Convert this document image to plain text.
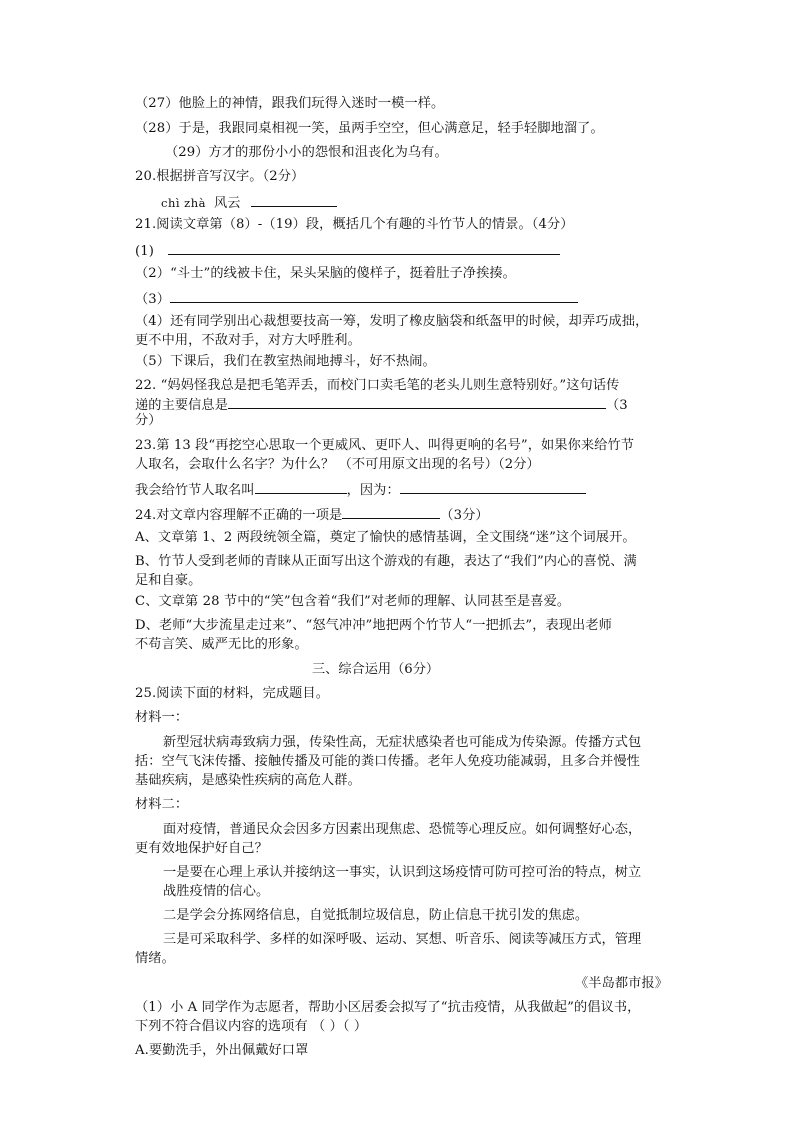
（27）他脸上的神情，跟我们玩得入迷时一模一样。
（28）于是，我跟同桌相视一笑，虽两手空空，但心满意足，轻手轻脚地溜了。
（29）方才的那份小小的怨恨和沮丧化为乌有。
20.根据拼音写汉字。（2分）
chì zhà 风云
21.阅读文章第（8）-（19）段，概括几个有趣的斗竹节人的情景。（4分）
(1)
（2）“斗士”的线被卡住，呆头呆脑的傻样子，挺着肚子净挨揍。
（3）
（4）还有同学别出心裁想要技高一筹，发明了橡皮脑袋和纸盔甲的时候，却弄巧成拙，
更不中用，不敌对手，对方大呼胜利。
（5）下课后，我们在教室热闹地搏斗，好不热闹。
22. “妈妈怪我总是把毛笔弄丢，而校门口卖毛笔的老头儿则生意特别好。”这句话传
递的主要信息是	（3
分）
23.第 13 段“再挖空心思取一个更威风、更吓人、叫得更响的名号”，如果你来给竹节
人取名，会取什么名字？为什么？ （不可用原文出现的名号）（2分）
我会给竹节人取名叫	，因为：
24.对文章内容理解不正确的一项是	（3分）
A、文章第 1、2 两段统领全篇，奠定了愉快的感情基调，全文围绕“迷”这个词展开。
B、竹节人受到老师的青睐从正面写出这个游戏的有趣，表达了“我们”内心的喜悦、满
足和自豪。
C、文章第 28 节中的“笑”包含着“我们”对老师的理解、认同甚至是喜爱。
D、老师“大步流星走过来”、“怒气冲冲”地把两个竹节人“一把抓去”，表现出老师
不苟言笑、威严无比的形象。
三、综合运用（6分）
25.阅读下面的材料，完成题目。
材料一：
新型冠状病毒致病力强，传染性高，无症状感染者也可能成为传染源。传播方式包
括：空气飞沫传播、接触传播及可能的粪口传播。老年人免疫功能减弱，且多合并慢性
基础疾病，是感染性疾病的高危人群。
材料二：
面对疫情，普通民众会因多方因素出现焦虑、恐慌等心理反应。如何调整好心态，
更有效地保护好自己？
一是要在心理上承认并接纳这一事实，认识到这场疫情可防可控可治的特点，树立
战胜疫情的信心。
二是学会分拣网络信息，自觉抵制垃圾信息，防止信息干扰引发的焦虑。
三是可采取科学、多样的如深呼吸、运动、冥想、听音乐、阅读等减压方式，管理
情绪。
《半岛都市报》
（1）小 A 同学作为志愿者，帮助小区居委会拟写了“抗击疫情，从我做起”的倡议书，
下列不符合倡议内容的选项有 （ ）（ ）
A.要勤洗手，外出佩戴好口罩
